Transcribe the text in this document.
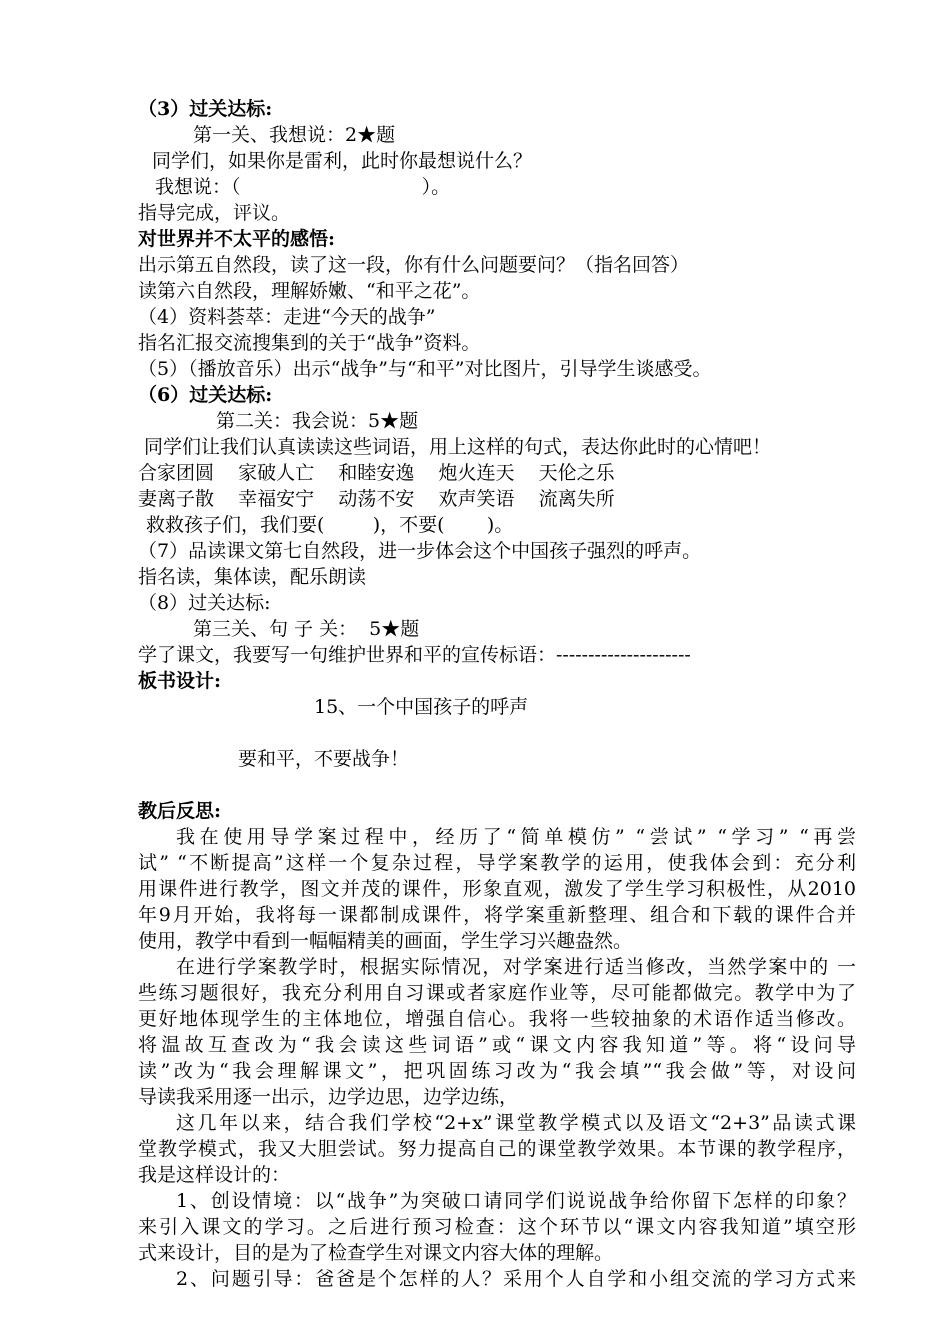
（3）过关达标:
第一关、我想说：2★题
同学们，如果你是雷利，此时你最想说什么？
我想说：（                              ）。
指导完成，评议。
对世界并不太平的感悟:
出示第五自然段，读了这一段，你有什么问题要问？（指名回答）
读第六自然段，理解娇嫩、“和平之花”。
（4）资料荟萃：走进“今天的战争”
指名汇报交流搜集到的关于“战争”资料。
（5）（播放音乐）出示“战争”与“和平”对比图片，引导学生谈感受。
（6）过关达标:
第二关：我会说：5★题
同学们让我们认真读读这些词语，用上这样的句式，表达你此时的心情吧！
合家团圆    家破人亡    和睦安逸    炮火连天    天伦之乐
妻离子散    幸福安宁    动荡不安    欢声笑语    流离失所
救救孩子们，我们要(        )，不要(       )。
（7）品读课文第七自然段，进一步体会这个中国孩子强烈的呼声。
指名读，集体读，配乐朗读
（8）过关达标:
第三关、句 子 关：  5★题
学了课文，我要写一句维护世界和平的宣传标语：---------------------
板书设计:
15、一个中国孩子的呼声
要和平，不要战争！
教后反思:
我在使用导学案过程中，经历了“简单模仿” “尝试” “学习” “再尝
试” “不断提高”这样一个复杂过程，导学案教学的运用，使我体会到：充分利
用课件进行教学，图文并茂的课件，形象直观，激发了学生学习积极性，从2010
年9月开始，我将每一课都制成课件，将学案重新整理、组合和下载的课件合并
使用，教学中看到一幅幅精美的画面，学生学习兴趣盎然。
在进行学案教学时，根据实际情况，对学案进行适当修改，当然学案中的 一
些练习题很好，我充分利用自习课或者家庭作业等，尽可能都做完。教学中为了
更好地体现学生的主体地位，增强自信心。我将一些较抽象的术语作适当修改。
将温故互查改为“我会读这些词语”或“课文内容我知道”等。将“设问导
读”改为“我会理解课文”，把巩固练习改为“我会填”“我会做”等，对设问
导读我采用逐一出示，边学边思，边学边练，
这几年以来，结合我们学校“2+x”课堂教学模式以及语文“2+3”品读式课
堂教学模式，我又大胆尝试。努力提高自己的课堂教学效果。本节课的教学程序，
我是这样设计的：
1、创设情境：以“战争”为突破口请同学们说说战争给你留下怎样的印象？
来引入课文的学习。之后进行预习检查：这个环节以“课文内容我知道”填空形
式来设计，目的是为了检查学生对课文内容大体的理解。
2、问题引导：爸爸是个怎样的人？采用个人自学和小组交流的学习方式来
